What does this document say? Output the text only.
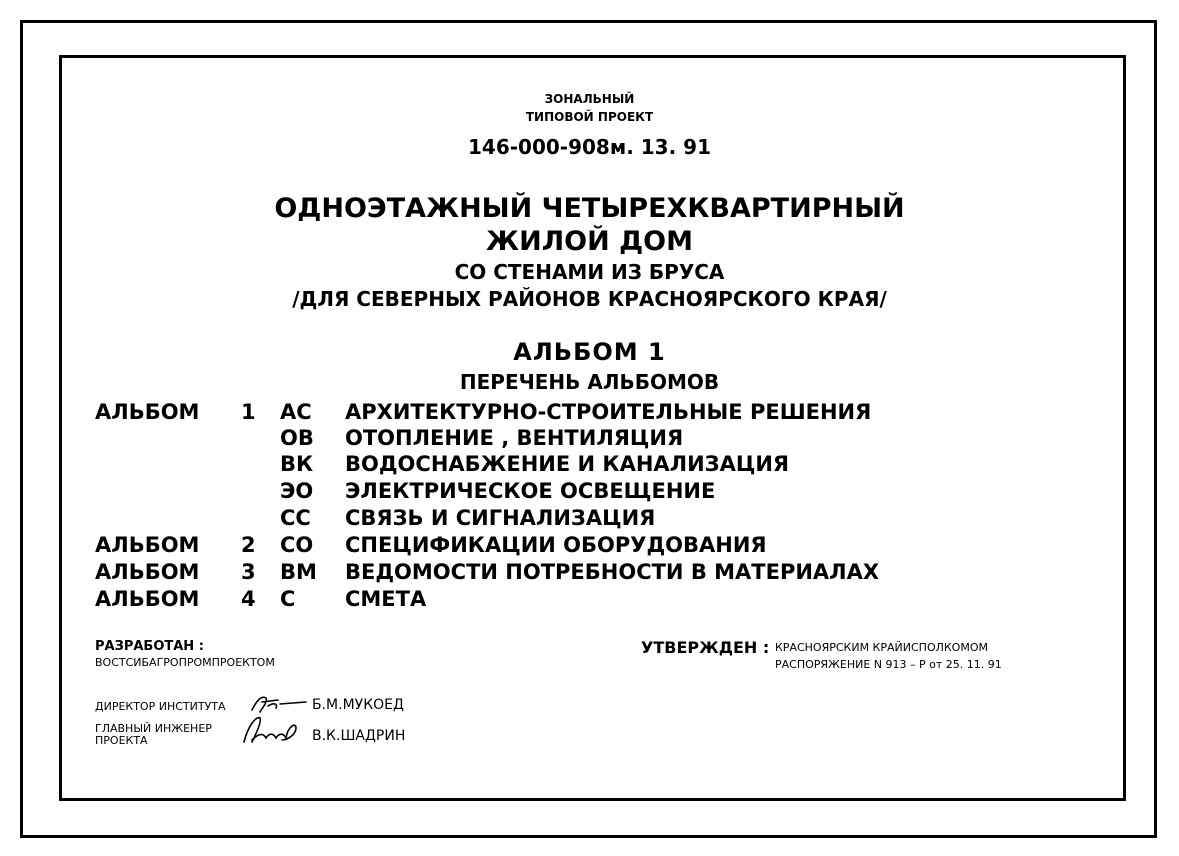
ЗОНАЛЬНЫЙ
ТИПОВОЙ ПРОЕКТ
146-000-908м. 13. 91
ОДНОЭТАЖНЫЙ ЧЕТЫРЕХКВАРТИРНЫЙ
ЖИЛОЙ ДОМ
СО СТЕНАМИ ИЗ БРУСА
/ДЛЯ СЕВЕРНЫХ РАЙОНОВ КРАСНОЯРСКОГО КРАЯ/
АЛЬБОМ 1
ПЕРЕЧЕНЬ АЛЬБОМОВ
АЛЬБОМ 1 АС АРХИТЕКТУРНО-СТРОИТЕЛЬНЫЕ РЕШЕНИЯ
ОВ ОТОПЛЕНИЕ , ВЕНТИЛЯЦИЯ
ВК ВОДОСНАБЖЕНИЕ И КАНАЛИЗАЦИЯ
ЭО ЭЛЕКТРИЧЕСКОЕ ОСВЕЩЕНИЕ
СС СВЯЗЬ И СИГНАЛИЗАЦИЯ
АЛЬБОМ 2 СО СПЕЦИФИКАЦИИ ОБОРУДОВАНИЯ
АЛЬБОМ 3 ВМ ВЕДОМОСТИ ПОТРЕБНОСТИ В МАТЕРИАЛАХ
АЛЬБОМ 4 С СМЕТА
РАЗРАБОТАН :
ВОСТСИБАГРОПРОМПРОЕКТОМ
УТВЕРЖДЕН : КРАСНОЯРСКИМ КРАЙИСПОЛКОМОМ
РАСПОРЯЖЕНИЕ N 913 – Р от 25. 11. 91
ДИРЕКТОР ИНСТИТУТА	Б.М.МУКОЕД
ГЛАВНЫЙ ИНЖЕНЕР
ПРОЕКТА	В.К.ШАДРИН
